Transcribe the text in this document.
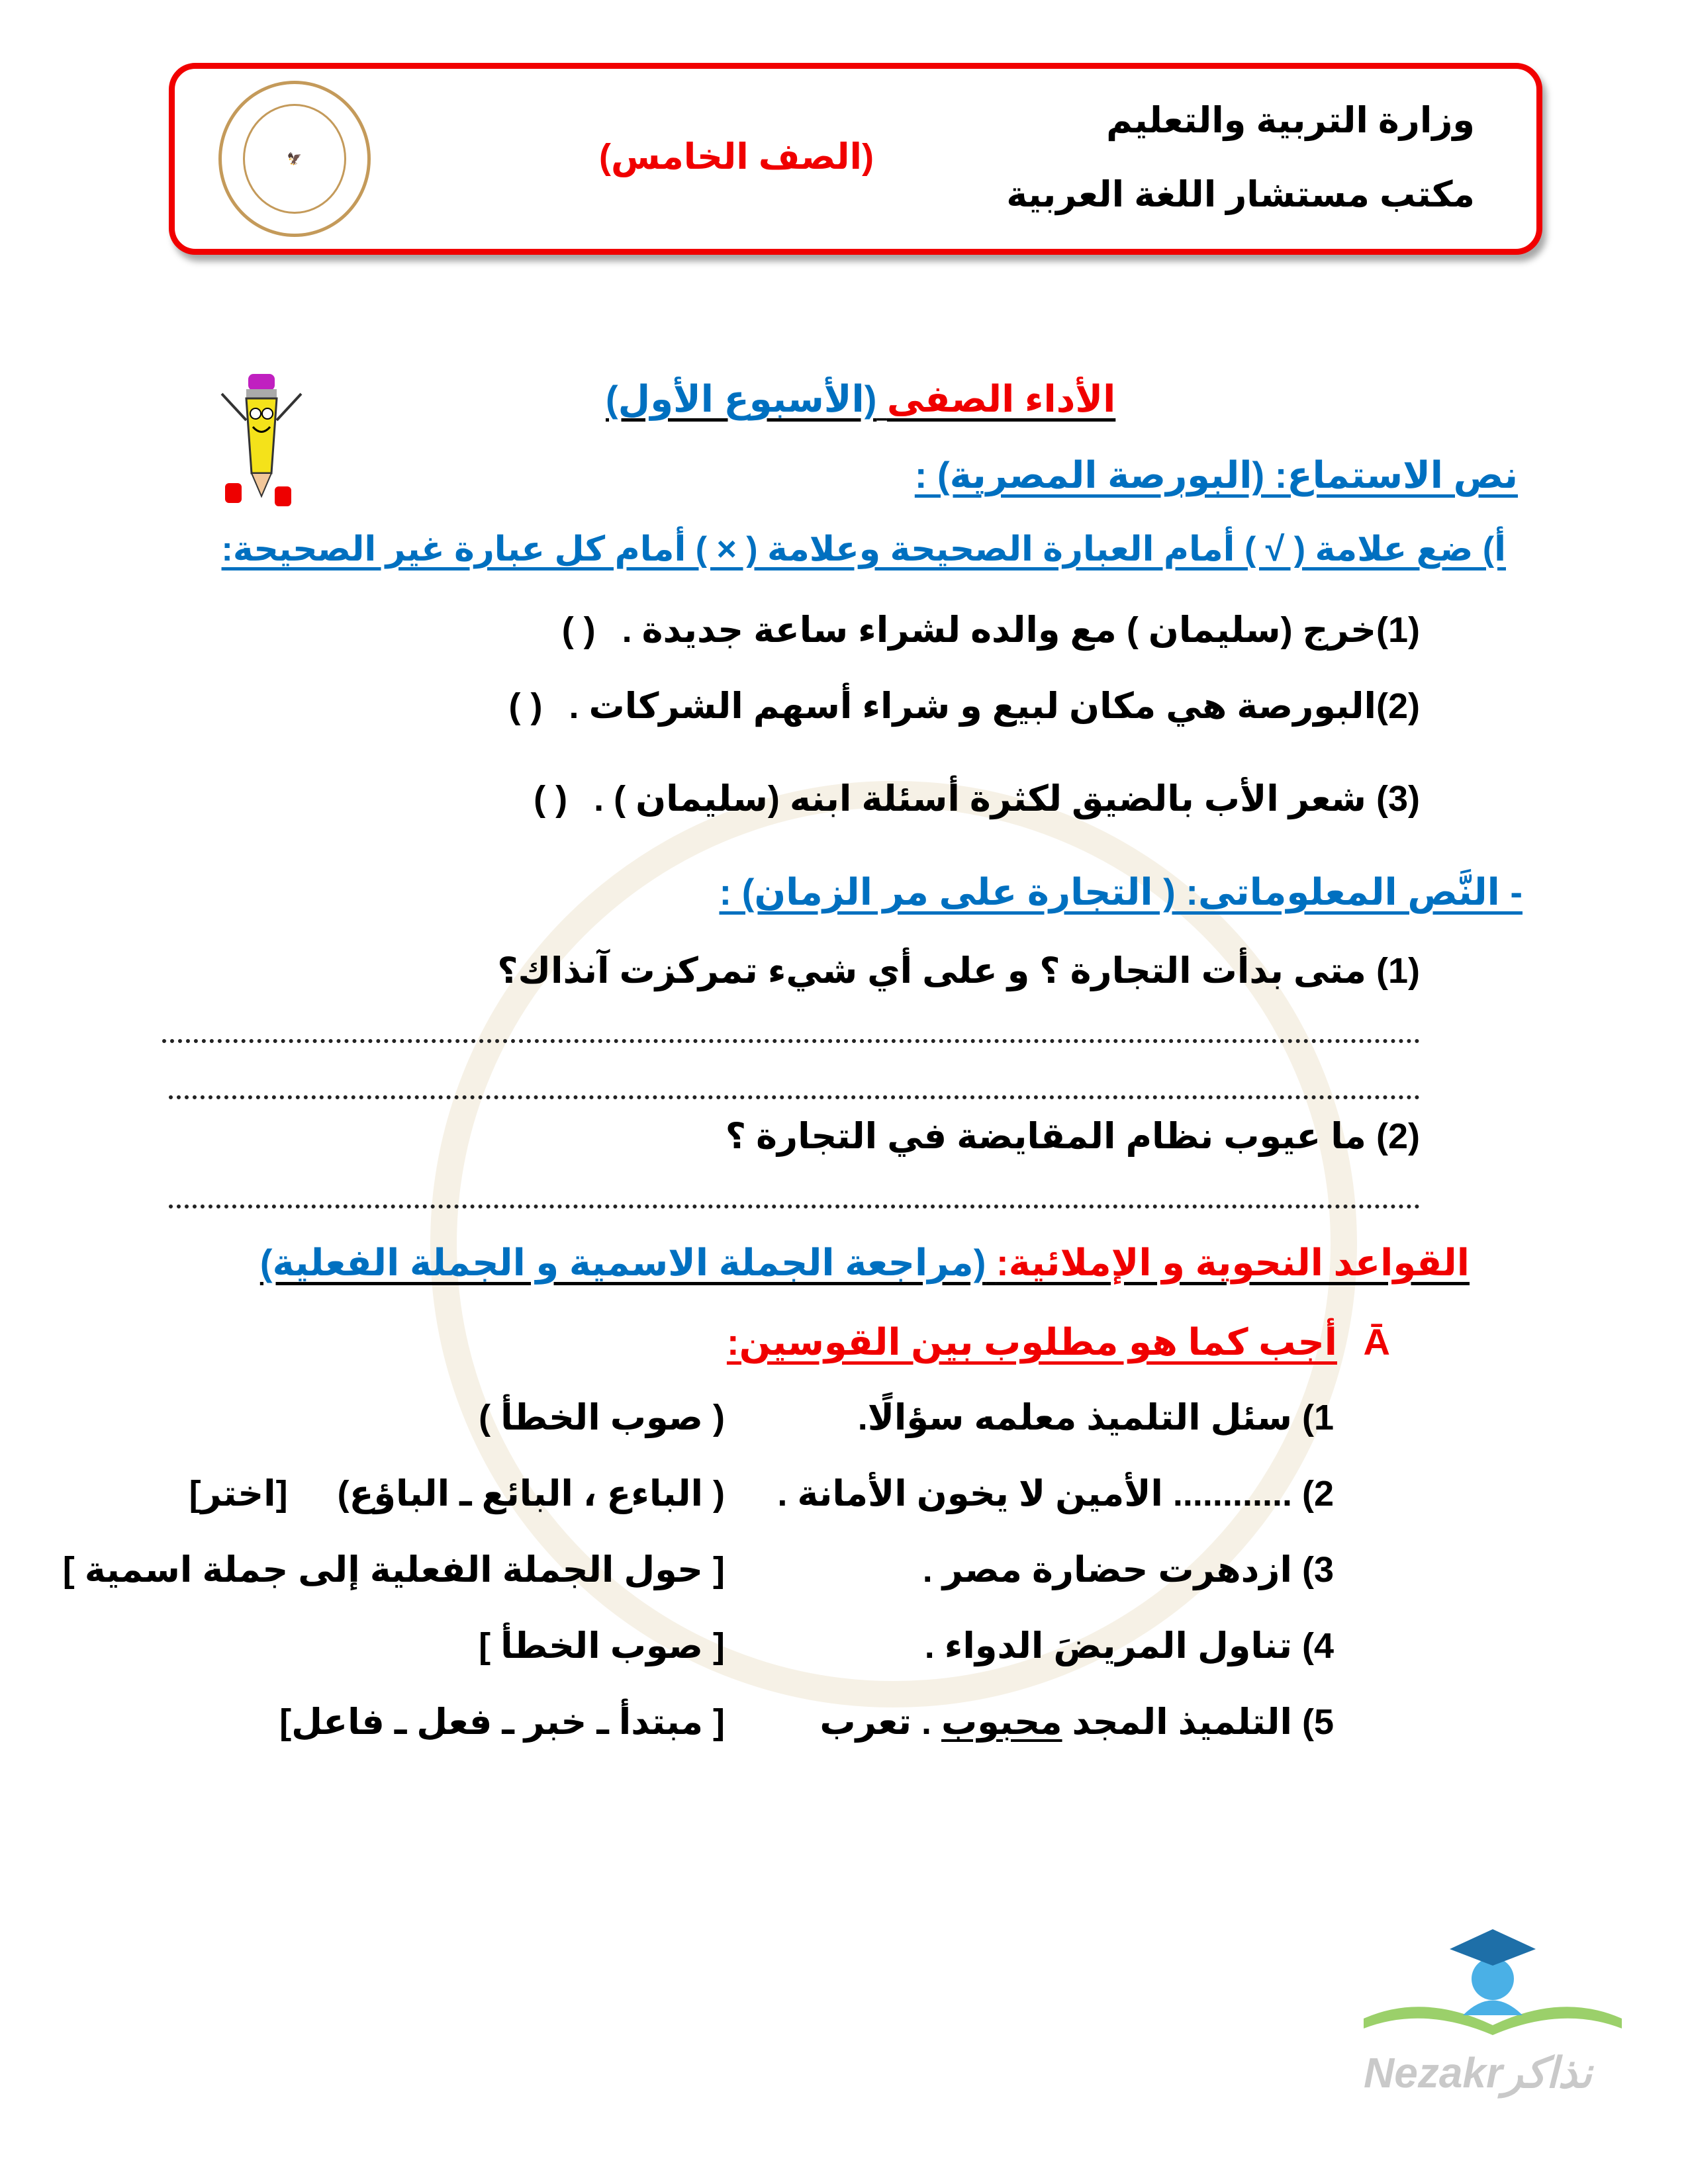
🦅
وزارة التربية والتعليم
مكتب مستشار اللغة العربية
(الصف الخامس)
الأداء الصفى (الأسبوع الأول)
نص الاستماع: (البورصة المصرية) :
أ) ضع علامة ( √ ) أمام العبارة الصحيحة وعلامة ( × ) أمام كل عبارة غير الصحيحة:
(1)خرج (سليمان ) مع والده لشراء ساعة جديدة .
( )
(2)البورصة هي مكان لبيع و شراء أسهم الشركات .
( )
(3) شعر الأب بالضيق لكثرة أسئلة ابنه (سليمان ) .
( )
- النَّص المعلوماتى: ( التجارة على مر الزمان) :
(1) متى بدأت التجارة ؟ و على أي شيء تمركزت آنذاك؟
(2) ما عيوب نظام المقايضة في التجارة ؟
القواعد النحوية و الإملائية: (مراجعة الجملة الاسمية و الجملة الفعلية)
Ā
أجب كما هو مطلوب بين القوسين:
1) سئل التلميذ معلمه سؤالًا.
( صوب الخطأ )
2) ............ الأمين لا يخون الأمانة .
( الباءع ، البائع ـ الباؤع)     [اختر]
3) ازدهرت حضارة مصر .
[ حول الجملة الفعلية إلى جملة اسمية ]
4) تناول المريضَ الدواء .
[ صوب الخطأ ]
5) التلميذ المجد محبوب . تعرب
[ مبتدأ ـ خبر ـ فعل ـ فاعل]
Nezakrنذاكر
